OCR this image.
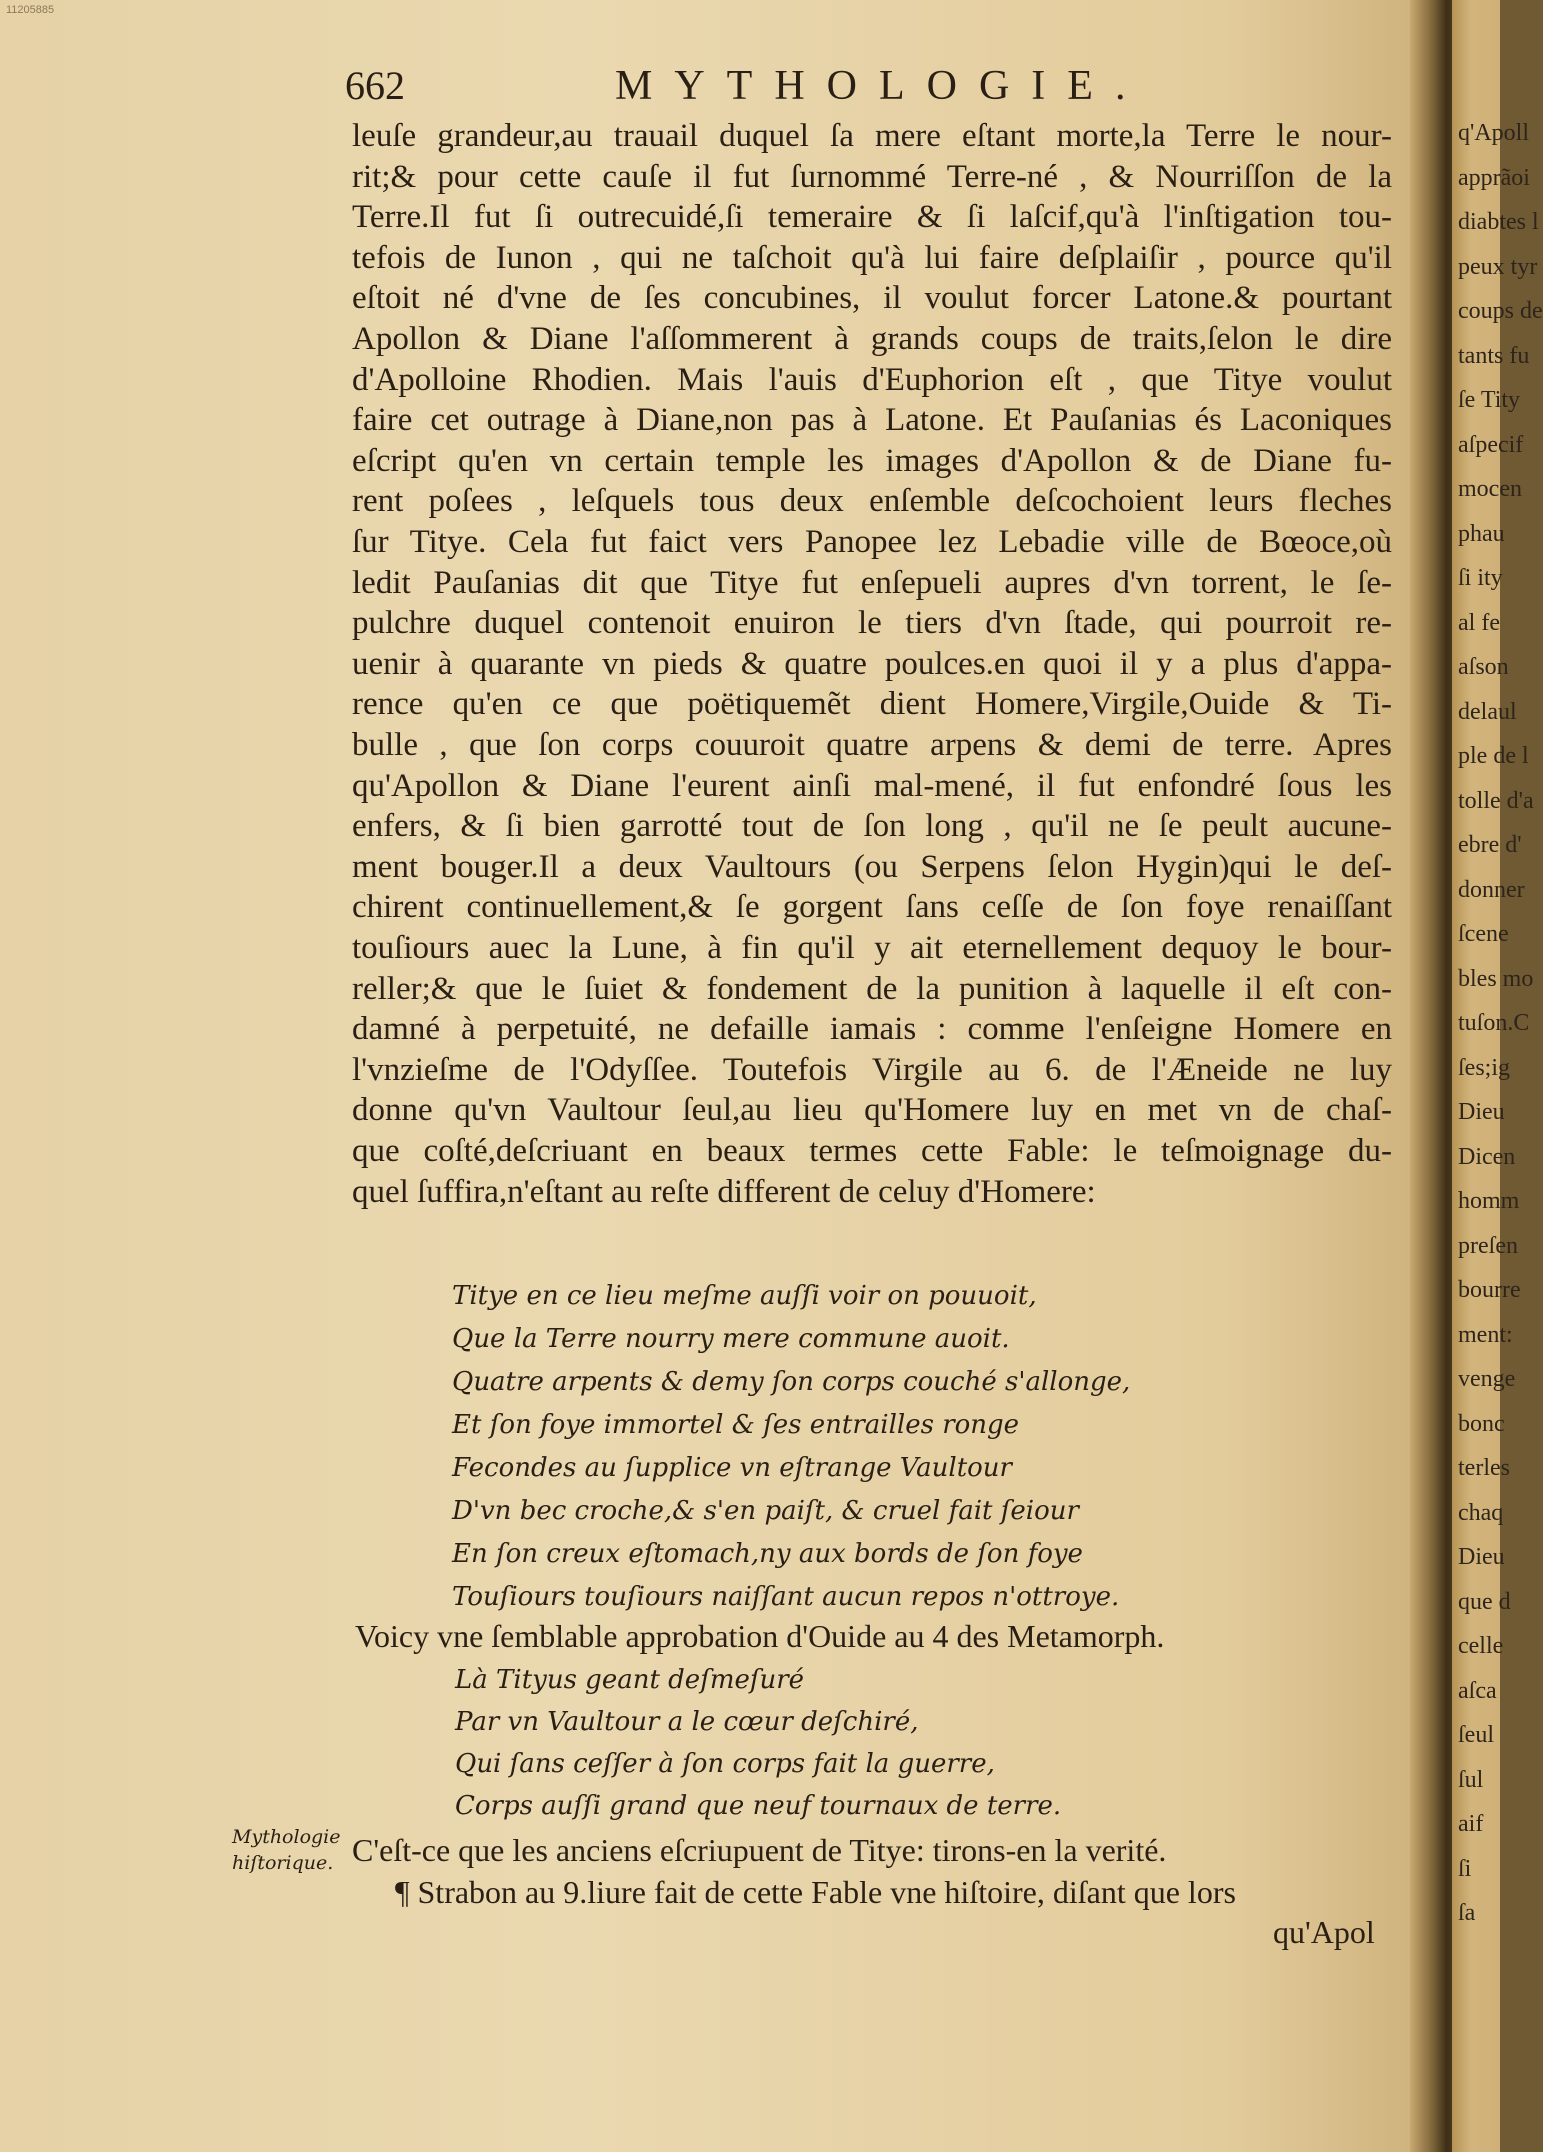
11205885
662	MYTHOLOGIE.
leuſe grandeur,au trauail duquel ſa mere eſtant morte,la Terre le nour-
rit;& pour cette cauſe il fut ſurnommé Terre-né , & Nourriſſon de la
Terre.Il fut ſi outrecuidé,ſi temeraire & ſi laſcif,qu'à l'inſtigation tou-
tefois de Iunon , qui ne taſchoit qu'à lui faire deſplaiſir , pource qu'il
eſtoit né d'vne de ſes concubines, il voulut forcer Latone.& pourtant
Apollon & Diane l'aſſommerent à grands coups de traits,ſelon le dire
d'Apolloine Rhodien. Mais l'auis d'Euphorion eſt , que Titye voulut
faire cet outrage à Diane,non pas à Latone. Et Pauſanias és Laconiques
eſcript qu'en vn certain temple les images d'Apollon & de Diane fu-
rent poſees , leſquels tous deux enſemble deſcochoient leurs fleches
ſur Titye. Cela fut faict vers Panopee lez Lebadie ville de Bœoce,où
ledit Pauſanias dit que Titye fut enſepueli aupres d'vn torrent, le ſe-
pulchre duquel contenoit enuiron le tiers d'vn ſtade, qui pourroit re-
uenir à quarante vn pieds & quatre poulces.en quoi il y a plus d'appa-
rence qu'en ce que poëtiquemẽt dient Homere,Virgile,Ouide & Ti-
bulle , que ſon corps couuroit quatre arpens & demi de terre. Apres
qu'Apollon & Diane l'eurent ainſi mal-mené, il fut enfondré ſous les
enfers, & ſi bien garrotté tout de ſon long , qu'il ne ſe peult aucune-
ment bouger.Il a deux Vaultours (ou Serpens ſelon Hygin)qui le deſ-
chirent continuellement,& ſe gorgent ſans ceſſe de ſon foye renaiſſant
touſiours auec la Lune, à fin qu'il y ait eternellement dequoy le bour-
reller;& que le ſuiet & fondement de la punition à laquelle il eſt con-
damné à perpetuité, ne defaille iamais : comme l'enſeigne Homere en
l'vnzieſme de l'Odyſſee. Toutefois Virgile au 6. de l'Æneide ne luy
donne qu'vn Vaultour ſeul,au lieu qu'Homere luy en met vn de chaſ-
que coſté,deſcriuant en beaux termes cette Fable: le teſmoignage du-
quel ſuffira,n'eſtant au reſte different de celuy d'Homere:
Mythologie
hiſtorique.
Titye en ce lieu meſme auſſi voir on pouuoit,
Que la Terre nourry mere commune auoit.
Quatre arpents & demy ſon corps couché s'allonge,
Et ſon foye immortel & ſes entrailles ronge
Fecondes au ſupplice vn eſtrange Vaultour
D'vn bec croche,& s'en paiſt, & cruel fait ſeiour
En ſon creux eſtomach,ny aux bords de ſon foye
Touſiours touſiours naiſſant aucun repos n'ottroye.
Voicy vne ſemblable approbation d'Ouide au 4 des Metamorph.
Là Tityus geant deſmeſuré
Par vn Vaultour a le cœur deſchiré,
Qui ſans ceſſer à ſon corps fait la guerre,
Corps auſſi grand que neuf tournaux de terre.
C'eſt-ce que les anciens eſcriupuent de Titye: tirons-en la verité.
¶ Strabon au 9.liure fait de cette Fable vne hiſtoire, diſant que lors
qu'Apol
q'Apoll
apprãoi
diabtes l
peux tyr
coups de
tants fu
ſe Tity
aſpecif
mocen
phau
ſi ity
al fe
aſson
delaul
ple de l
tolle d'a
ebre d'
donner
ſcene
bles mo
tuſon.C
ſes;ig
Dieu
Dicen
homm
preſen
bourre
ment:
venge
bonc
terles
chaq
Dieu
que d
celle
aſca
ſeul
ſul
aif
ſi
ſa
